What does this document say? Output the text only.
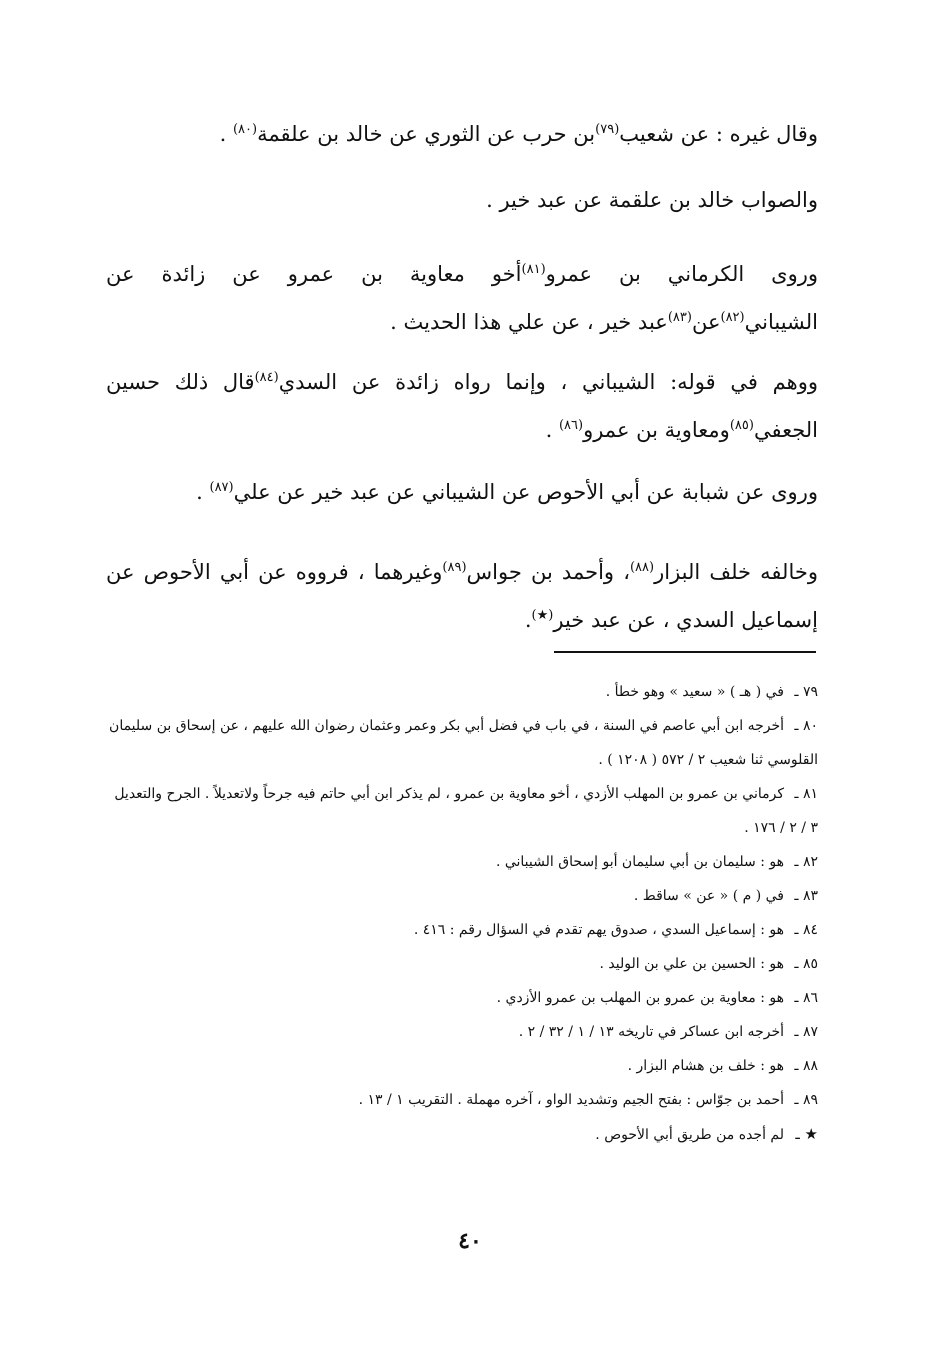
وقال غيره : عن شعيب$^{(٧٩)}$بن حرب عن الثوري عن خالد بن علقمة$^{(٨٠)}$ .
والصواب خالد بن علقمة عن عبد خير .
وروى الكرماني بن عمرو$^{(٨١)}$أخو معاوية بن عمرو عن زائدة عن الشيباني$^{(٨٢)}$عن$^{(٨٣)}$عبد خير ، عن علي هذا الحديث .
ووهم في قوله: الشيباني ، وإنما رواه زائدة عن السدي$^{(٨٤)}$قال ذلك حسين الجعفي$^{(٨٥)}$ومعاوية بن عمرو$^{(٨٦)}$ .
وروى عن شبابة عن أبي الأحوص عن الشيباني عن عبد خير عن علي$^{(٨٧)}$ .
وخالفه خلف البزار$^{(٨٨)}$، وأحمد بن جواس$^{(٨٩)}$وغيرهما ، فرووه عن أبي الأحوص عن إسماعيل السدي ، عن عبد خير(★).
٧٩ ـفي ( هـ ) « سعيد » وهو خطأ .
٨٠ ـأخرجه ابن أبي عاصم في السنة ، في باب في فضل أبي بكر وعمر وعثمان رضوان الله عليهم ، عن إسحاق بن سليمان القلوسي ثنا شعيب ٢ / ٥٧٢ ( ١٢٠٨ ) .
٨١ ـكرماني بن عمرو بن المهلب الأزدي ، أخو معاوية بن عمرو ، لم يذكر ابن أبي حاتم فيه جرحاً ولاتعديلاً . الجرح والتعديل ٣ / ٢ / ١٧٦ .
٨٢ ـهو : سليمان بن أبي سليمان أبو إسحاق الشيباني .
٨٣ ـفي ( م ) « عن » ساقط .
٨٤ ـهو : إسماعيل السدي ، صدوق يهم تقدم في السؤال رقم : ٤١٦ .
٨٥ ـهو : الحسين بن علي بن الوليد .
٨٦ ـهو : معاوية بن عمرو بن المهلب بن عمرو الأزدي .
٨٧ ـأخرجه ابن عساكر في تاريخه ١٣ / ١ / ٣٢ / ٢ .
٨٨ ـهو : خلف بن هشام البزار .
٨٩ ـأحمد بن جوّاس : بفتح الجيم وتشديد الواو ، آخره مهملة . التقريب ١ / ١٣ .
★ ـلم أجده من طريق أبي الأحوص .
٤٠
